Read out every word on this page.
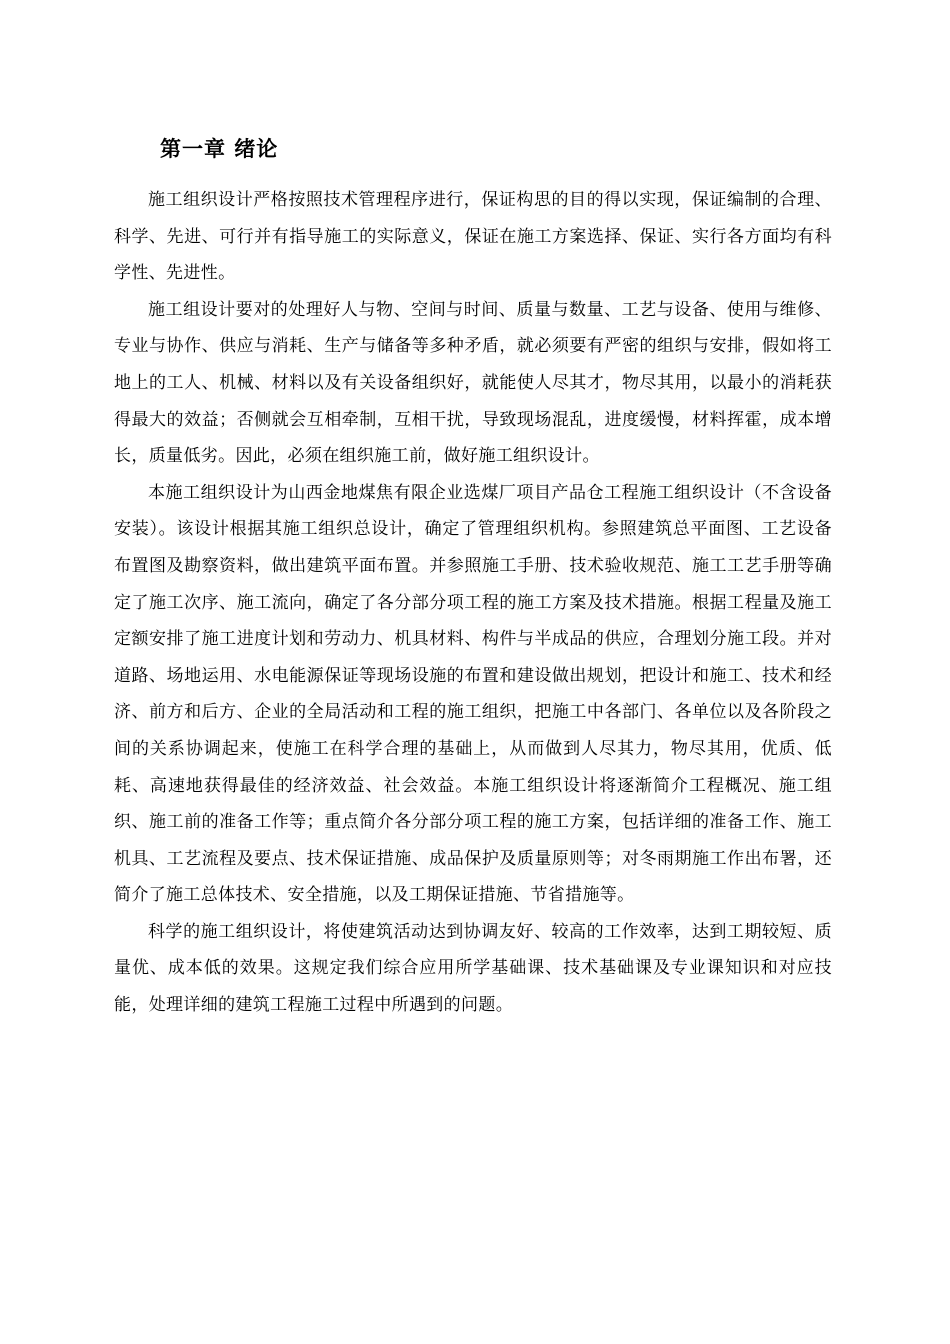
第一章 绪论

施工组织设计严格按照技术管理程序进行，保证构思的目的得以实现，保证编制的合理、科学、先进、可行并有指导施工的实际意义，保证在施工方案选择、保证、实行各方面均有科学性、先进性。

施工组设计要对的处理好人与物、空间与时间、质量与数量、工艺与设备、使用与维修、专业与协作、供应与消耗、生产与储备等多种矛盾，就必须要有严密的组织与安排，假如将工地上的工人、机械、材料以及有关设备组织好，就能使人尽其才，物尽其用，以最小的消耗获得最大的效益；否侧就会互相牵制，互相干扰，导致现场混乱，进度缓慢，材料挥霍，成本增长，质量低劣。因此，必须在组织施工前，做好施工组织设计。

本施工组织设计为山西金地煤焦有限企业选煤厂项目产品仓工程施工组织设计（不含设备安装）。该设计根据其施工组织总设计，确定了管理组织机构。参照建筑总平面图、工艺设备布置图及勘察资料，做出建筑平面布置。并参照施工手册、技术验收规范、施工工艺手册等确定了施工次序、施工流向，确定了各分部分项工程的施工方案及技术措施。根据工程量及施工定额安排了施工进度计划和劳动力、机具材料、构件与半成品的供应，合理划分施工段。并对道路、场地运用、水电能源保证等现场设施的布置和建设做出规划，把设计和施工、技术和经济、前方和后方、企业的全局活动和工程的施工组织，把施工中各部门、各单位以及各阶段之间的关系协调起来，使施工在科学合理的基础上，从而做到人尽其力，物尽其用，优质、低耗、高速地获得最佳的经济效益、社会效益。本施工组织设计将逐渐简介工程概况、施工组织、施工前的准备工作等；重点简介各分部分项工程的施工方案，包括详细的准备工作、施工机具、工艺流程及要点、技术保证措施、成品保护及质量原则等；对冬雨期施工作出布署，还简介了施工总体技术、安全措施，以及工期保证措施、节省措施等。

科学的施工组织设计，将使建筑活动达到协调友好、较高的工作效率，达到工期较短、质量优、成本低的效果。这规定我们综合应用所学基础课、技术基础课及专业课知识和对应技能，处理详细的建筑工程施工过程中所遇到的问题。
